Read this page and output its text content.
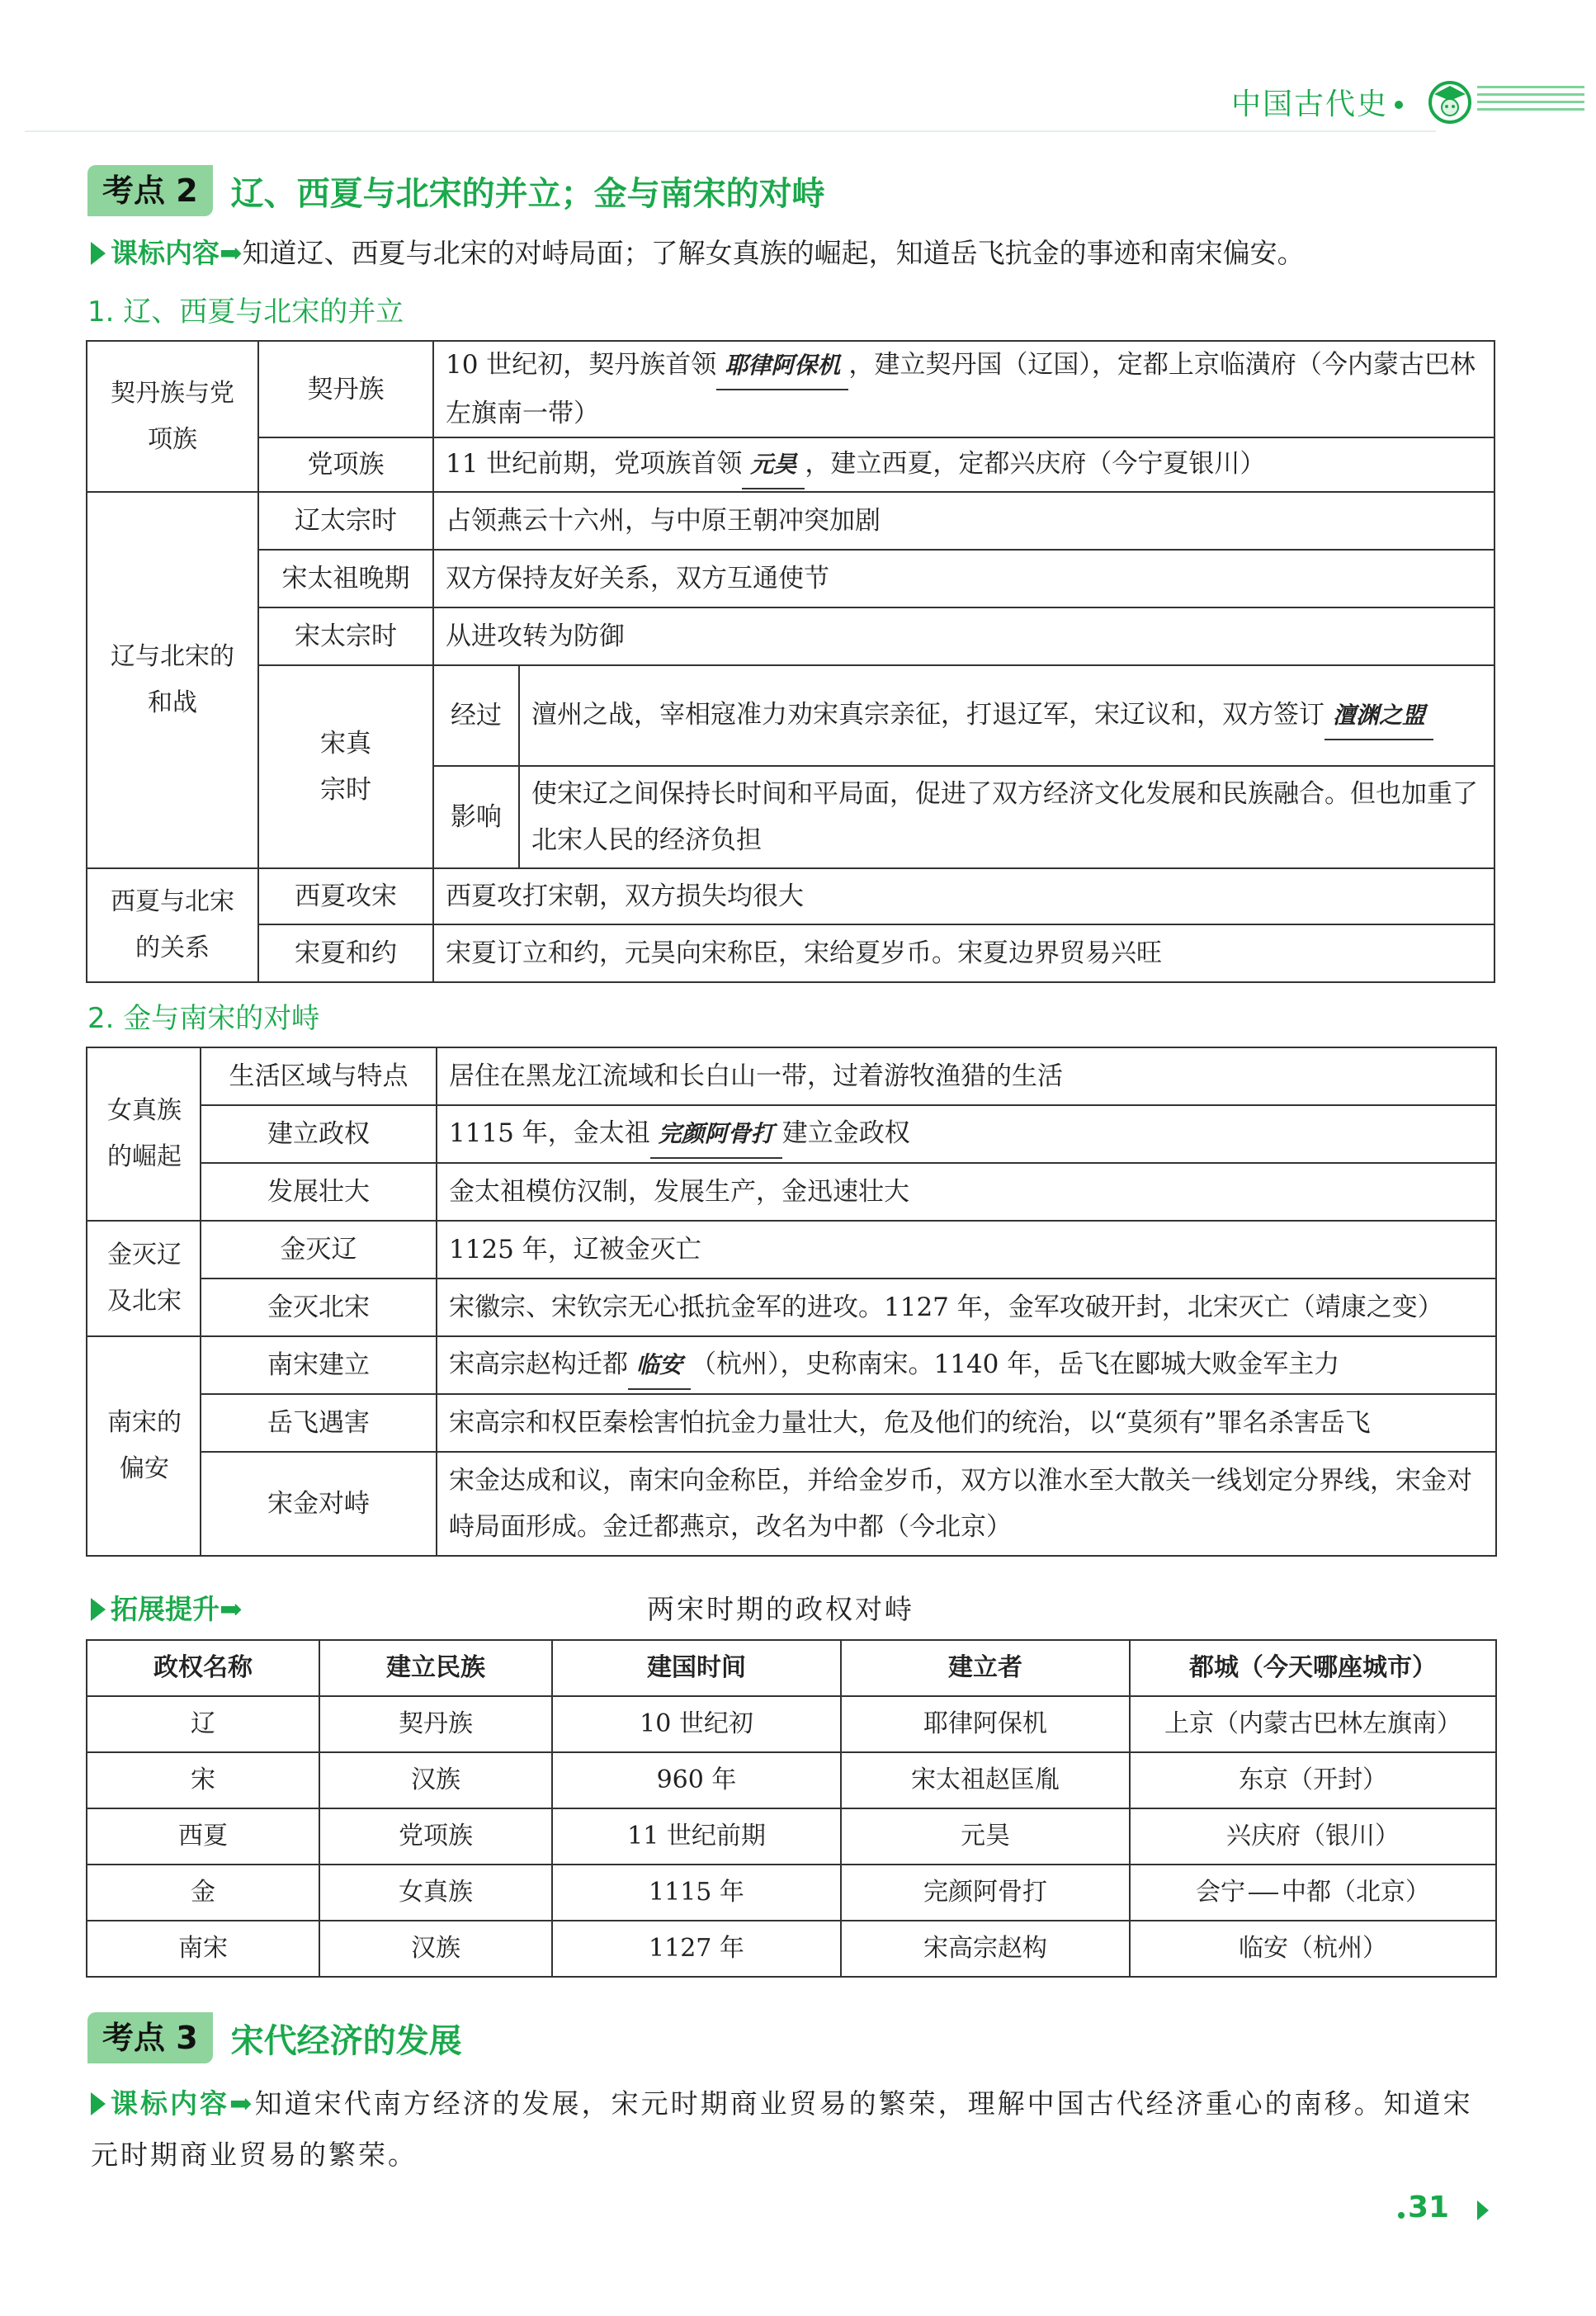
中国古代史
考点 2	辽、西夏与北宋的并立；金与南宋的对峙
课标内容➡知道辽、西夏与北宋的对峙局面；了解女真族的崛起，知道岳飞抗金的事迹和南宋偏安。
1. 辽、西夏与北宋的并立
契丹族与党项族	契丹族	10 世纪初，契丹族首领 耶律阿保机 ，建立契丹国（辽国），定都上京临潢府（今内蒙古巴林左旗南一带）	
	党项族	11 世纪前期，党项族首领 元昊 ，建立西夏，定都兴庆府（今宁夏银川）	

辽与北宋的和战	辽太宗时	占领燕云十六州，与中原王朝冲突加剧	
	宋太祖晚期	双方保持友好关系，双方互通使节	
	宋太宗时	从进攻转为防御	

	宋真宗时	经过	澶州之战，宰相寇准力劝宋真宗亲征，打退辽军，宋辽议和，双方签订 澶渊之盟
		影响	使宋辽之间保持长时间和平局面，促进了双方经济文化发展和民族融合。但也加重了北宋人民的经济负担

西夏与北宋的关系	西夏攻宋	西夏攻打宋朝，双方损失均很大	
	宋夏和约	宋夏订立和约，元昊向宋称臣，宋给夏岁币。宋夏边界贸易兴旺	
2. 金与南宋的对峙
女真族的崛起	生活区域与特点	居住在黑龙江流域和长白山一带，过着游牧渔猎的生活
	建立政权	1115 年，金太祖 完颜阿骨打 建立金政权
	发展壮大	金太祖模仿汉制，发展生产，金迅速壮大

金灭辽及北宋	金灭辽	1125 年，辽被金灭亡
	金灭北宋	宋徽宗、宋钦宗无心抵抗金军的进攻。1127 年，金军攻破开封，北宋灭亡（靖康之变）

南宋的偏安	南宋建立	宋高宗赵构迁都 临安 （杭州），史称南宋。1140 年，岳飞在郾城大败金军主力
	岳飞遇害	宋高宗和权臣秦桧害怕抗金力量壮大，危及他们的统治，以“莫须有”罪名杀害岳飞
	宋金对峙	宋金达成和议，南宋向金称臣，并给金岁币，双方以淮水至大散关一线划定分界线，宋金对峙局面形成。金迁都燕京，改名为中都（今北京）
拓展提升➡	两宋时期的政权对峙
政权名称	建立民族	建国时间	建立者	都城（今天哪座城市）
辽	契丹族	10 世纪初	耶律阿保机	上京（内蒙古巴林左旗南）
宋	汉族	960 年	宋太祖赵匡胤	东京（开封）
西夏	党项族	11 世纪前期	元昊	兴庆府（银川）
金	女真族	1115 年	完颜阿骨打	会宁 中都（北京）
南宋	汉族	1127 年	宋高宗赵构	临安（杭州）
考点 3	宋代经济的发展
课标内容➡知道宋代南方经济的发展，宋元时期商业贸易的繁荣，理解中国古代经济重心的南移。知道宋元时期商业贸易的繁荣。
31
